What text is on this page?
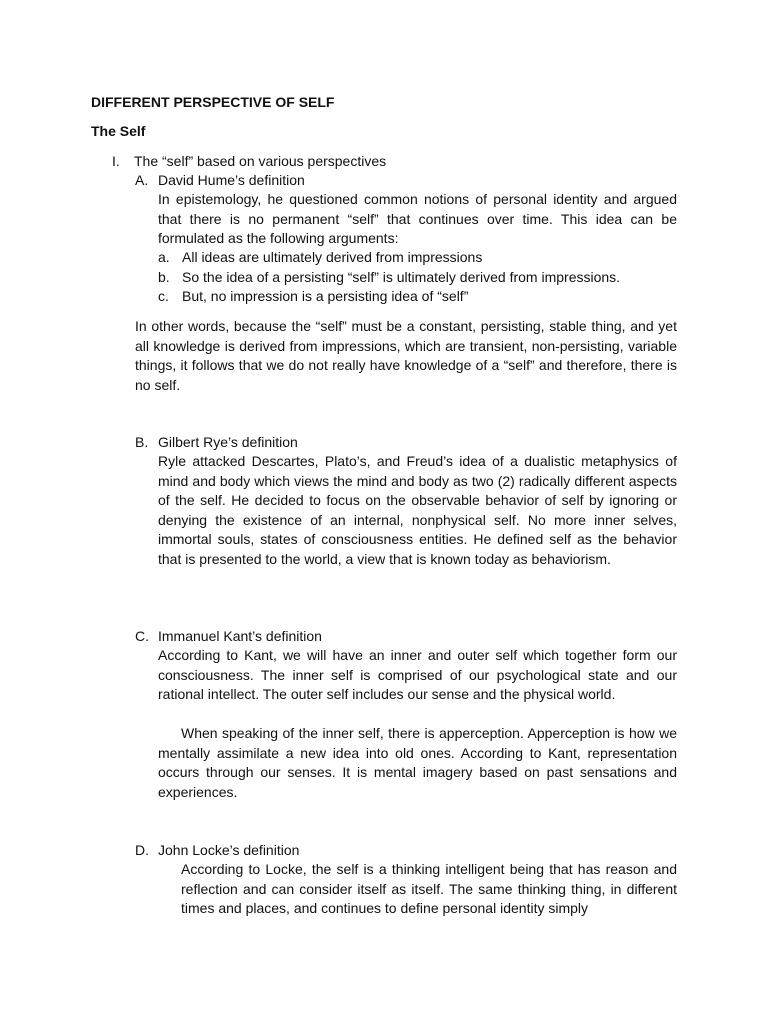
DIFFERENT PERSPECTIVE OF SELF
The Self
I. The “self” based on various perspectives
A. David Hume’s definition
In epistemology, he questioned common notions of personal identity and argued that there is no permanent “self” that continues over time. This idea can be formulated as the following arguments:
a. All ideas are ultimately derived from impressions
b. So the idea of a persisting “self” is ultimately derived from impressions.
c. But, no impression is a persisting idea of “self”
In other words, because the “self” must be a constant, persisting, stable thing, and yet all knowledge is derived from impressions, which are transient, non-persisting, variable things, it follows that we do not really have knowledge of a “self” and therefore, there is no self.
B. Gilbert Rye’s definition
Ryle attacked Descartes, Plato’s, and Freud’s idea of a dualistic metaphysics of mind and body which views the mind and body as two (2) radically different aspects of the self. He decided to focus on the observable behavior of self by ignoring or denying the existence of an internal, nonphysical self. No more inner selves, immortal souls, states of consciousness entities. He defined self as the behavior that is presented to the world, a view that is known today as behaviorism.
C. Immanuel Kant’s definition
According to Kant, we will have an inner and outer self which together form our consciousness. The inner self is comprised of our psychological state and our rational intellect. The outer self includes our sense and the physical world.
When speaking of the inner self, there is apperception. Apperception is how we mentally assimilate a new idea into old ones. According to Kant, representation occurs through our senses. It is mental imagery based on past sensations and experiences.
D. John Locke’s definition
According to Locke, the self is a thinking intelligent being that has reason and reflection and can consider itself as itself. The same thinking thing, in different times and places, and continues to define personal identity simply
